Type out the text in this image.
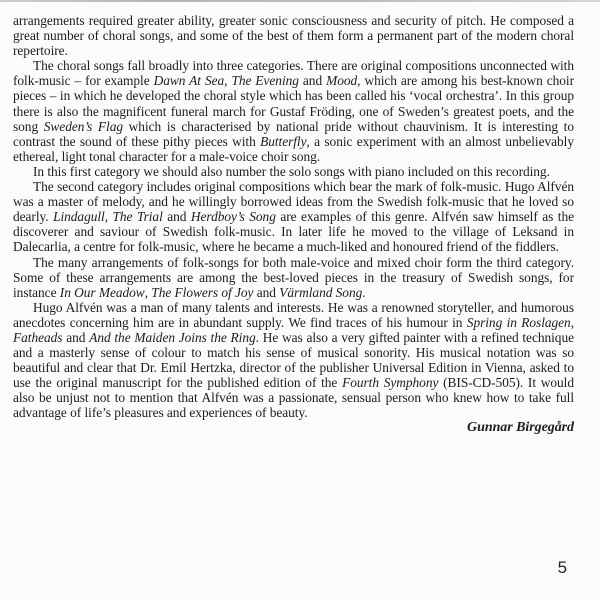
arrangements required greater ability, greater sonic consciousness and security of pitch. He composed a great number of choral songs, and some of the best of them form a permanent part of the modern choral repertoire.

The choral songs fall broadly into three categories. There are original compositions unconnected with folk-music – for example Dawn At Sea, The Evening and Mood, which are among his best-known choir pieces – in which he developed the choral style which has been called his ‘vocal orchestra’. In this group there is also the magnificent funeral march for Gustaf Fröding, one of Sweden’s greatest poets, and the song Sweden’s Flag which is characterised by national pride without chauvinism. It is interesting to contrast the sound of these pithy pieces with Butterfly, a sonic experiment with an almost unbelievably ethereal, light tonal character for a male-voice choir song.

In this first category we should also number the solo songs with piano included on this recording.

The second category includes original compositions which bear the mark of folk-music. Hugo Alfvén was a master of melody, and he willingly borrowed ideas from the Swedish folk-music that he loved so dearly. Lindagull, The Trial and Herdboy’s Song are examples of this genre. Alfvén saw himself as the discoverer and saviour of Swedish folk-music. In later life he moved to the village of Leksand in Dalecarlia, a centre for folk-music, where he became a much-liked and honoured friend of the fiddlers.

The many arrangements of folk-songs for both male-voice and mixed choir form the third category. Some of these arrangements are among the best-loved pieces in the treasury of Swedish songs, for instance In Our Meadow, The Flowers of Joy and Värmland Song.

Hugo Alfvén was a man of many talents and interests. He was a renowned storyteller, and humorous anecdotes concerning him are in abundant supply. We find traces of his humour in Spring in Roslagen, Fatheads and And the Maiden Joins the Ring. He was also a very gifted painter with a refined technique and a masterly sense of colour to match his sense of musical sonority. His musical notation was so beautiful and clear that Dr. Emil Hertzka, director of the publisher Universal Edition in Vienna, asked to use the original manuscript for the published edition of the Fourth Symphony (BIS-CD-505). It would also be unjust not to mention that Alfvén was a passionate, sensual person who knew how to take full advantage of life’s pleasures and experiences of beauty.

Gunnar Birgegård
5
